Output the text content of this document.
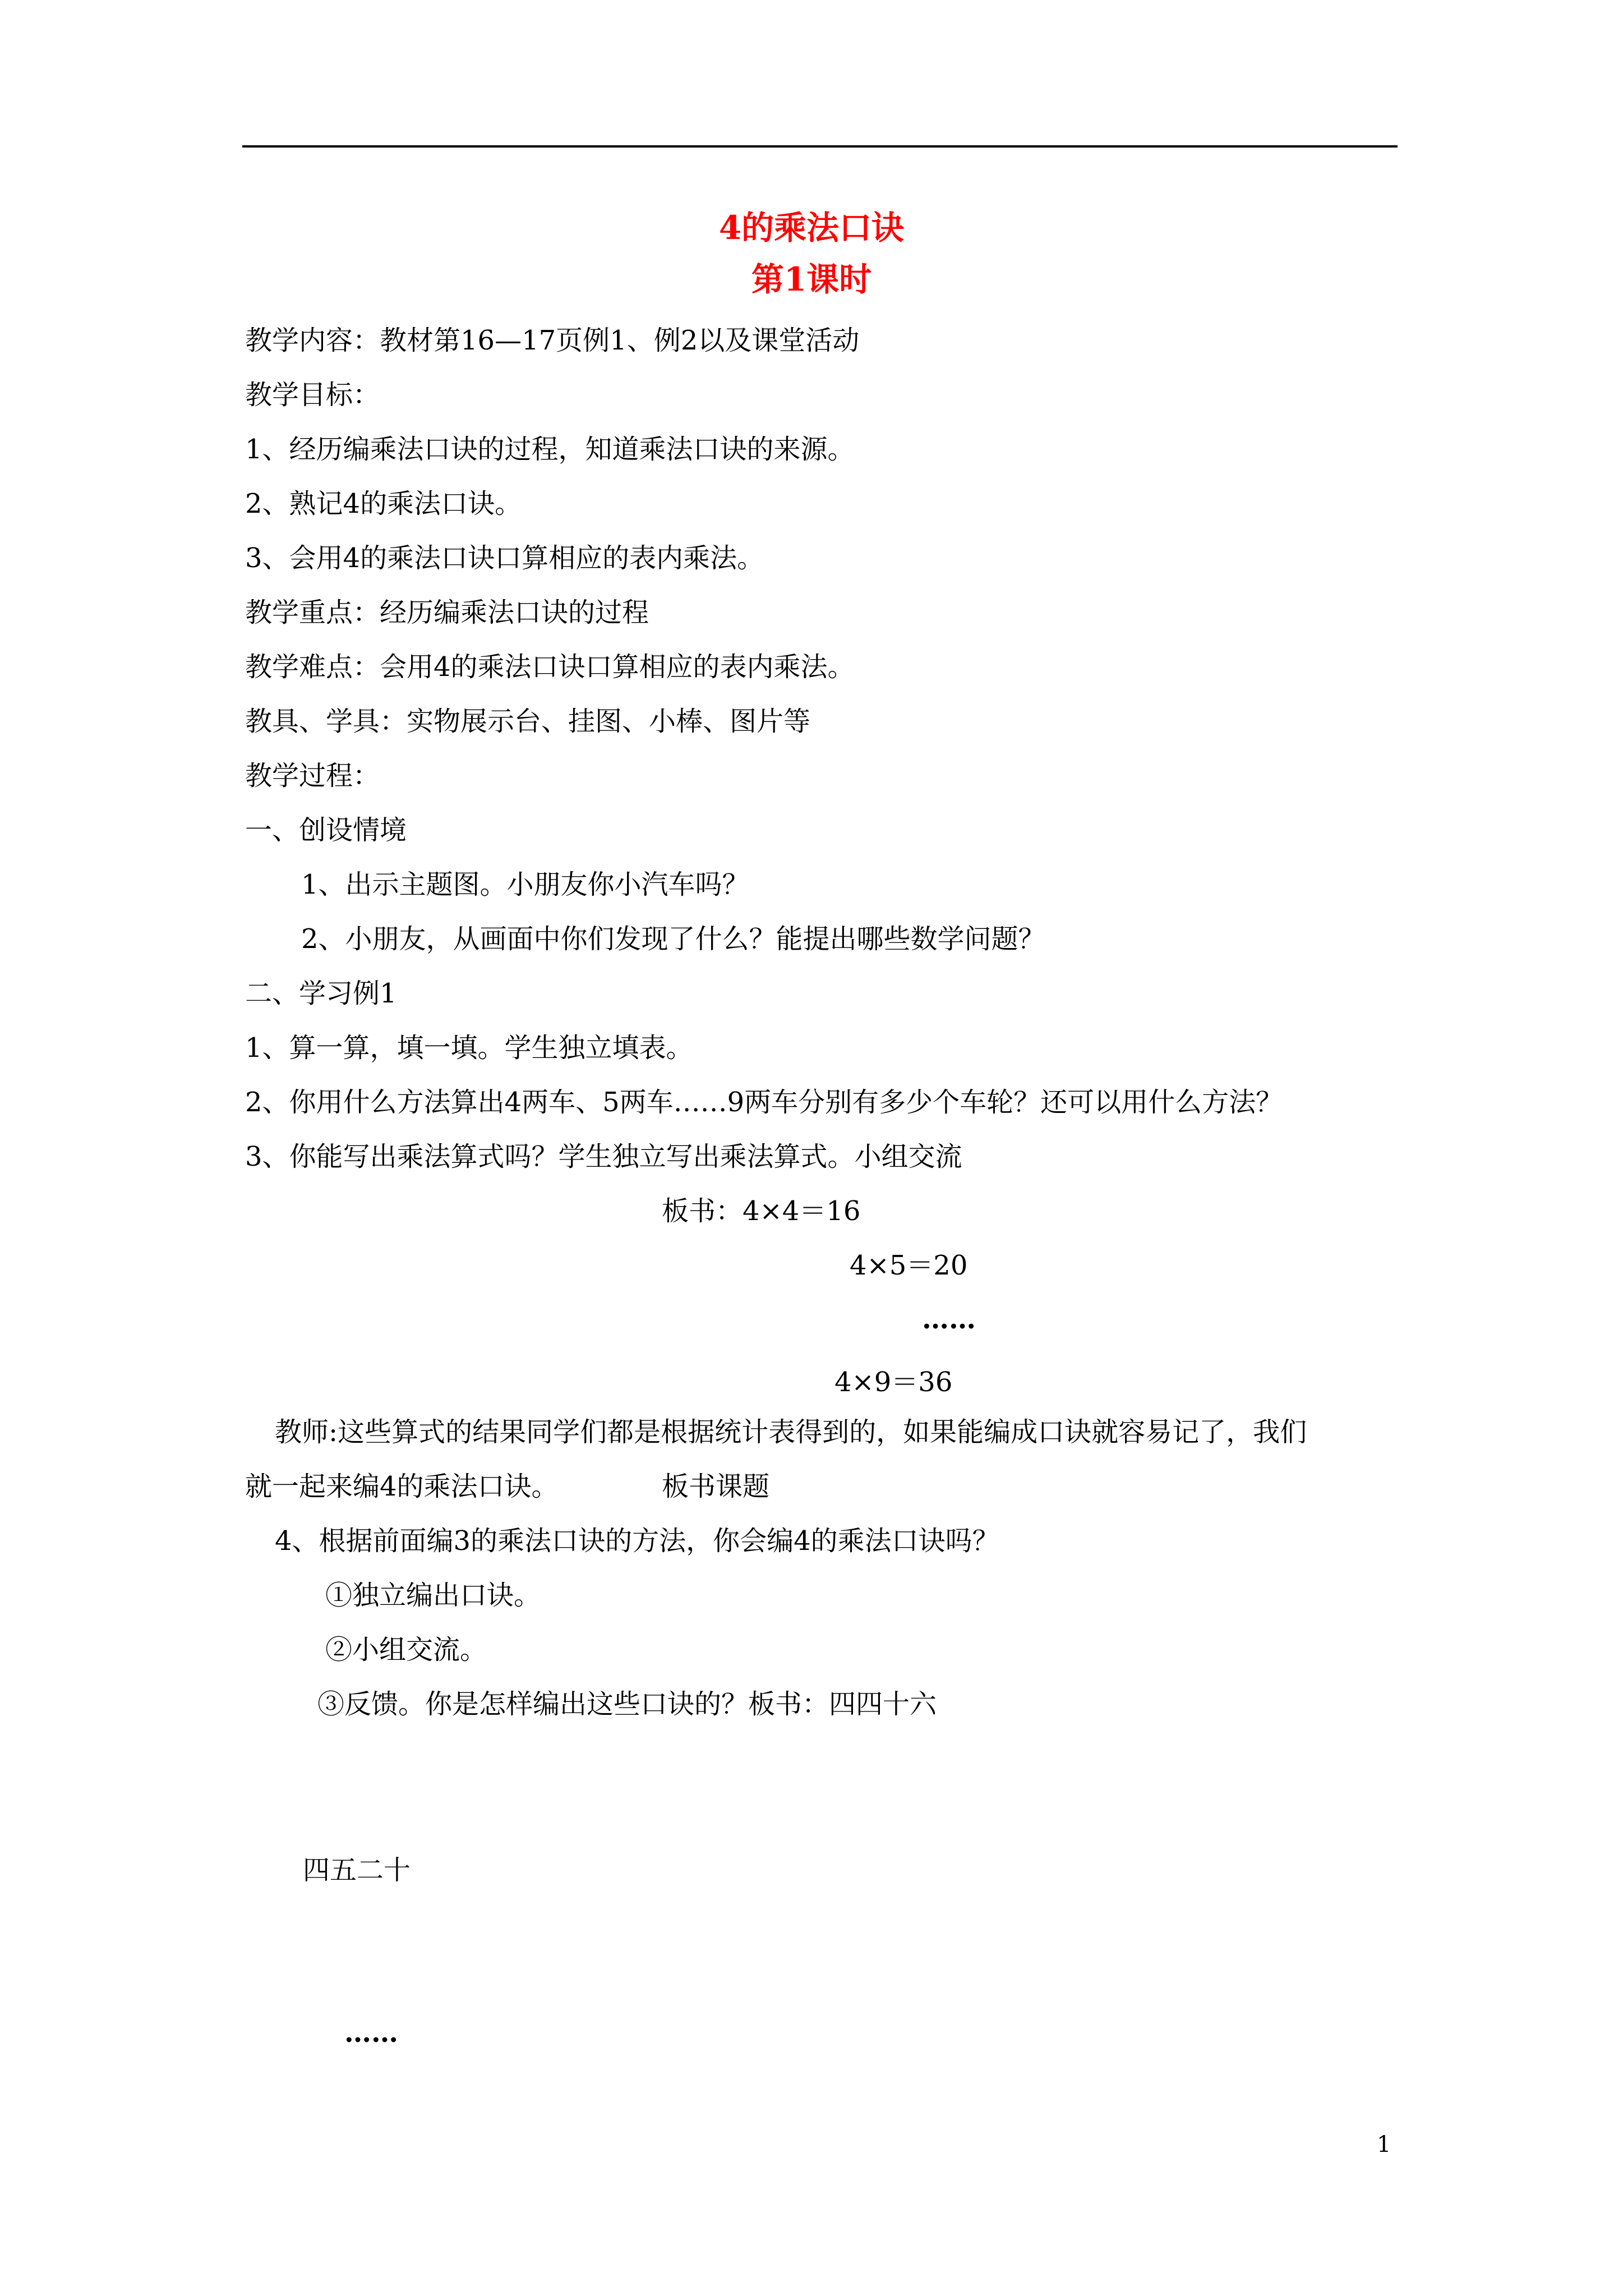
4的乘法口诀
第1课时
教学内容：教材第16—17页例1、例2以及课堂活动
教学目标：
1、经历编乘法口诀的过程，知道乘法口诀的来源。
2、熟记4的乘法口诀。
3、会用4的乘法口诀口算相应的表内乘法。
教学重点：经历编乘法口诀的过程
教学难点：会用4的乘法口诀口算相应的表内乘法。
教具、学具：实物展示台、挂图、小棒、图片等
教学过程：
一、创设情境
1、出示主题图。小朋友你小汽车吗？
2、小朋友，从画面中你们发现了什么？能提出哪些数学问题？
二、学习例1
1、算一算，填一填。学生独立填表。
2、你用什么方法算出4两车、5两车……9两车分别有多少个车轮？还可以用什么方法？
3、你能写出乘法算式吗？学生独立写出乘法算式。小组交流
板书：4×4＝16
4×5＝20
……
4×9＝36
教师:这些算式的结果同学们都是根据统计表得到的，如果能编成口诀就容易记了，我们
就一起来编4的乘法口诀。	板书课题
4、根据前面编3的乘法口诀的方法，你会编4的乘法口诀吗？
①独立编出口诀。
②小组交流。
③反馈。你是怎样编出这些口诀的？板书：四四十六
四五二十
……
1
